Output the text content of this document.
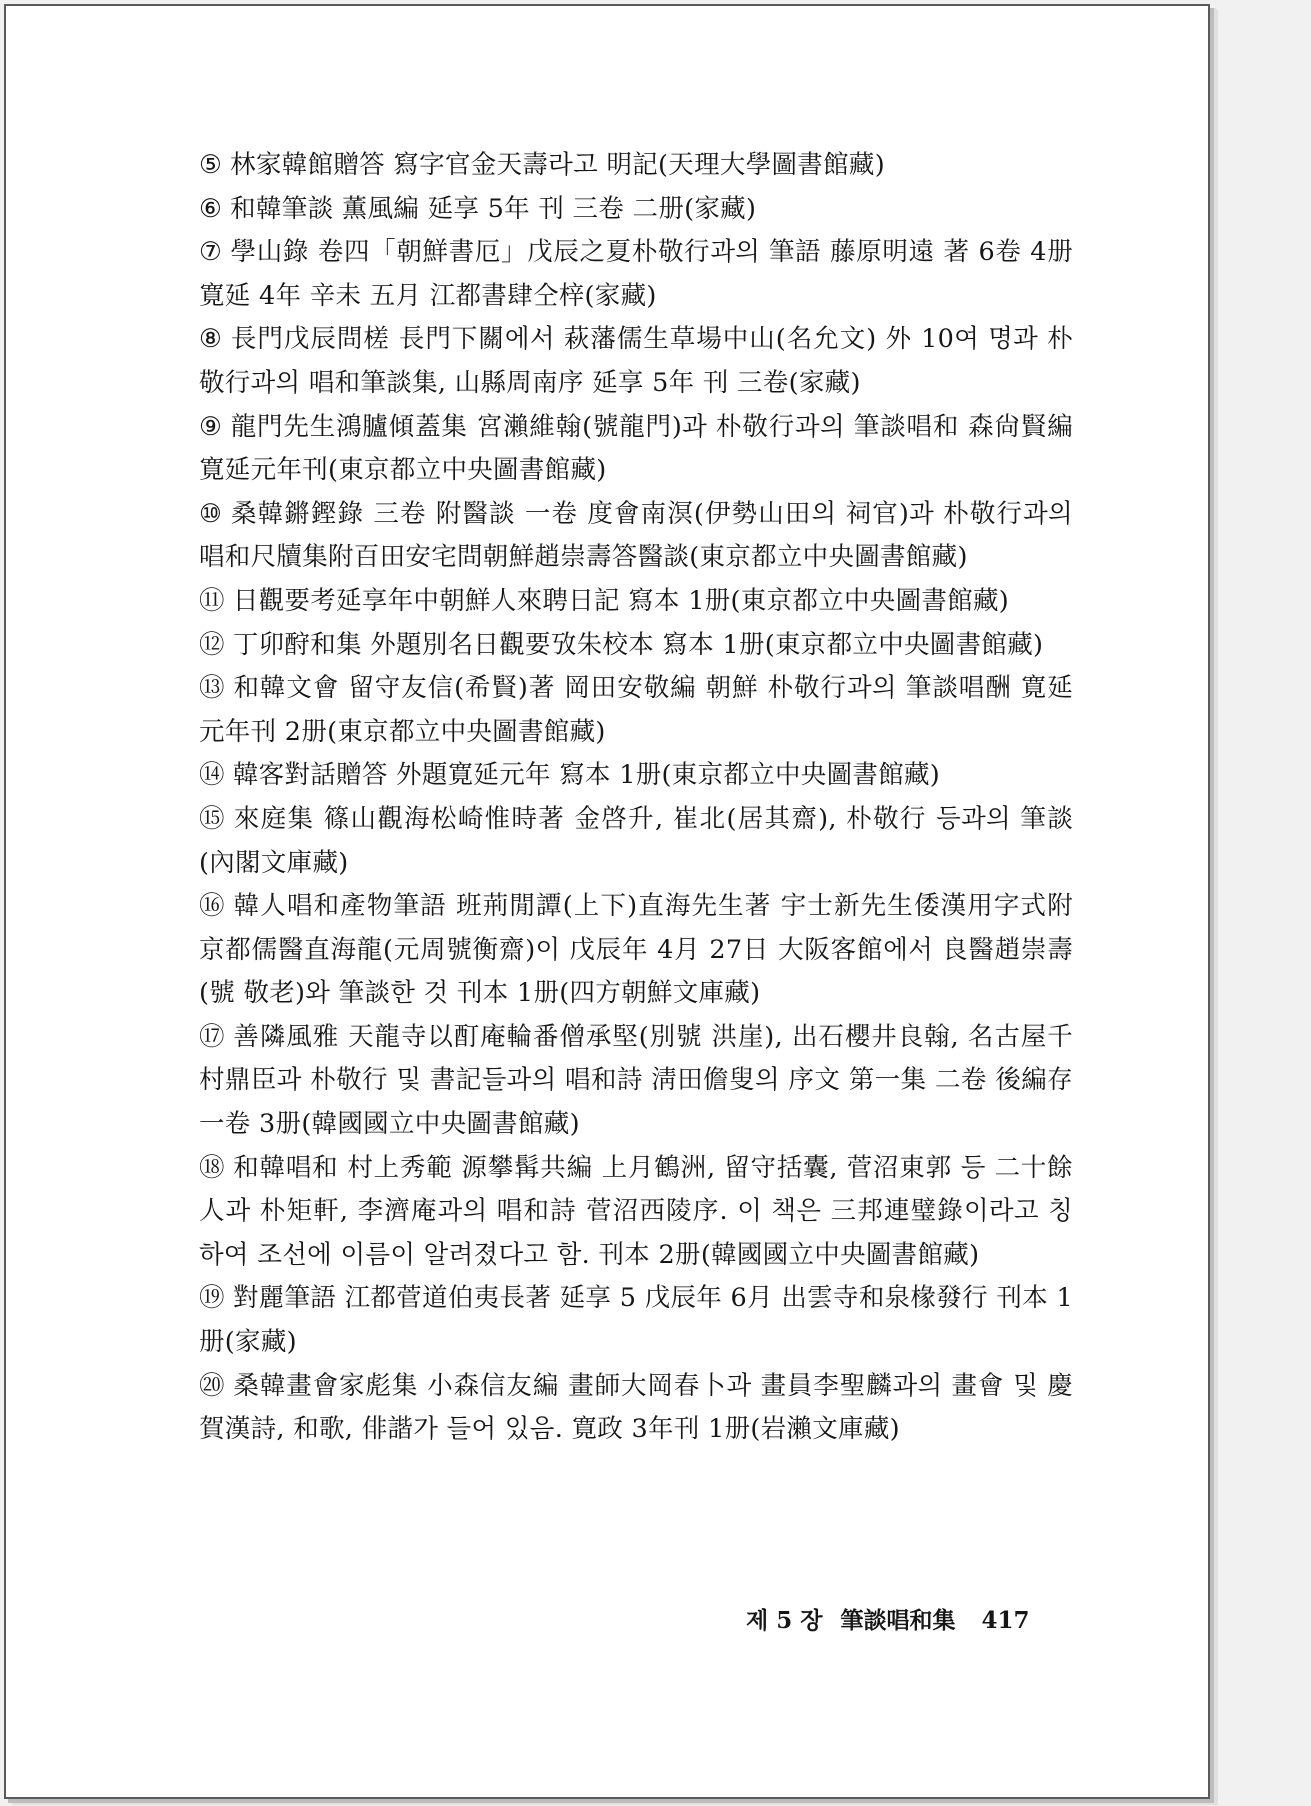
⑤ 林家韓館贈答 寫字官金天壽라고 明記(天理大學圖書館藏)

⑥ 和韓筆談 薫風編 延享 5年 刊 三卷 二册(家藏)

⑦ 學山錄 卷四「朝鮮書厄」戊辰之夏朴敬行과의 筆語 藤原明遠 著 6卷 4册 寛延 4年 辛未 五月 江都書肆仝梓(家藏)

⑧ 長門戊辰問槎 長門下關에서 萩藩儒生草場中山(名允文) 外 10여 명과 朴敬行과의 唱和筆談集, 山縣周南序 延享 5年 刊 三卷(家藏)

⑨ 龍門先生鴻臚傾蓋集 宮瀨維翰(號龍門)과 朴敬行과의 筆談唱和 森尙賢編 寛延元年刊(東京都立中央圖書館藏)

⑩ 桑韓鏘鏗錄 三卷 附醫談 一卷 度會南溟(伊勢山田의 祠官)과 朴敬行과의 唱和尺牘集附百田安宅問朝鮮趙崇壽答醫談(東京都立中央圖書館藏)

⑪ 日觀要考延享年中朝鮮人來聘日記 寫本 1册(東京都立中央圖書館藏)

⑫ 丁卯酧和集 外題別名日觀要攷朱校本 寫本 1册(東京都立中央圖書館藏)

⑬ 和韓文會 留守友信(希賢)著 岡田安敬編 朝鮮 朴敬行과의 筆談唱酬 寛延元年刊 2册(東京都立中央圖書館藏)

⑭ 韓客對話贈答 外題寛延元年 寫本 1册(東京都立中央圖書館藏)

⑮ 來庭集 篠山觀海松崎惟時著 金啓升, 崔北(居其齋), 朴敬行 등과의 筆談(內閣文庫藏)

⑯ 韓人唱和產物筆語 班荊閒譚(上下)直海先生著 宇士新先生倭漢用字式附 京都儒醫直海龍(元周號衡齋)이 戊辰年 4月 27日 大阪客館에서 良醫趙崇壽(號 敬老)와 筆談한 것 刊本 1册(四方朝鮮文庫藏)

⑰ 善隣風雅 天龍寺以酊庵輪番僧承堅(別號 洪崖), 出石櫻井良翰, 名古屋千村鼎臣과 朴敬行 및 書記들과의 唱和詩 淸田儋叟의 序文 第一集 二卷 後編存一卷 3册(韓國國立中央圖書館藏)

⑱ 和韓唱和 村上秀範 源攀髯共編 上月鶴洲, 留守括囊, 菅沼東郭 등 二十餘人과 朴矩軒, 李濟庵과의 唱和詩 菅沼西陵序. 이 책은 三邦連璧錄이라고 칭하여 조선에 이름이 알려졌다고 함. 刊本 2册(韓國國立中央圖書館藏)

⑲ 對麗筆語 江都菅道伯夷長著 延享 5 戊辰年 6月 出雲寺和泉椽發行 刊本 1册(家藏)

⑳ 桑韓畫會家彪集 小森信友編 畫師大岡春卜과 畫員李聖麟과의 畫會 및 慶賀漢詩, 和歌, 俳諧가 들어 있음. 寛政 3年刊 1册(岩瀨文庫藏)

제 5 장 筆談唱和集 417
